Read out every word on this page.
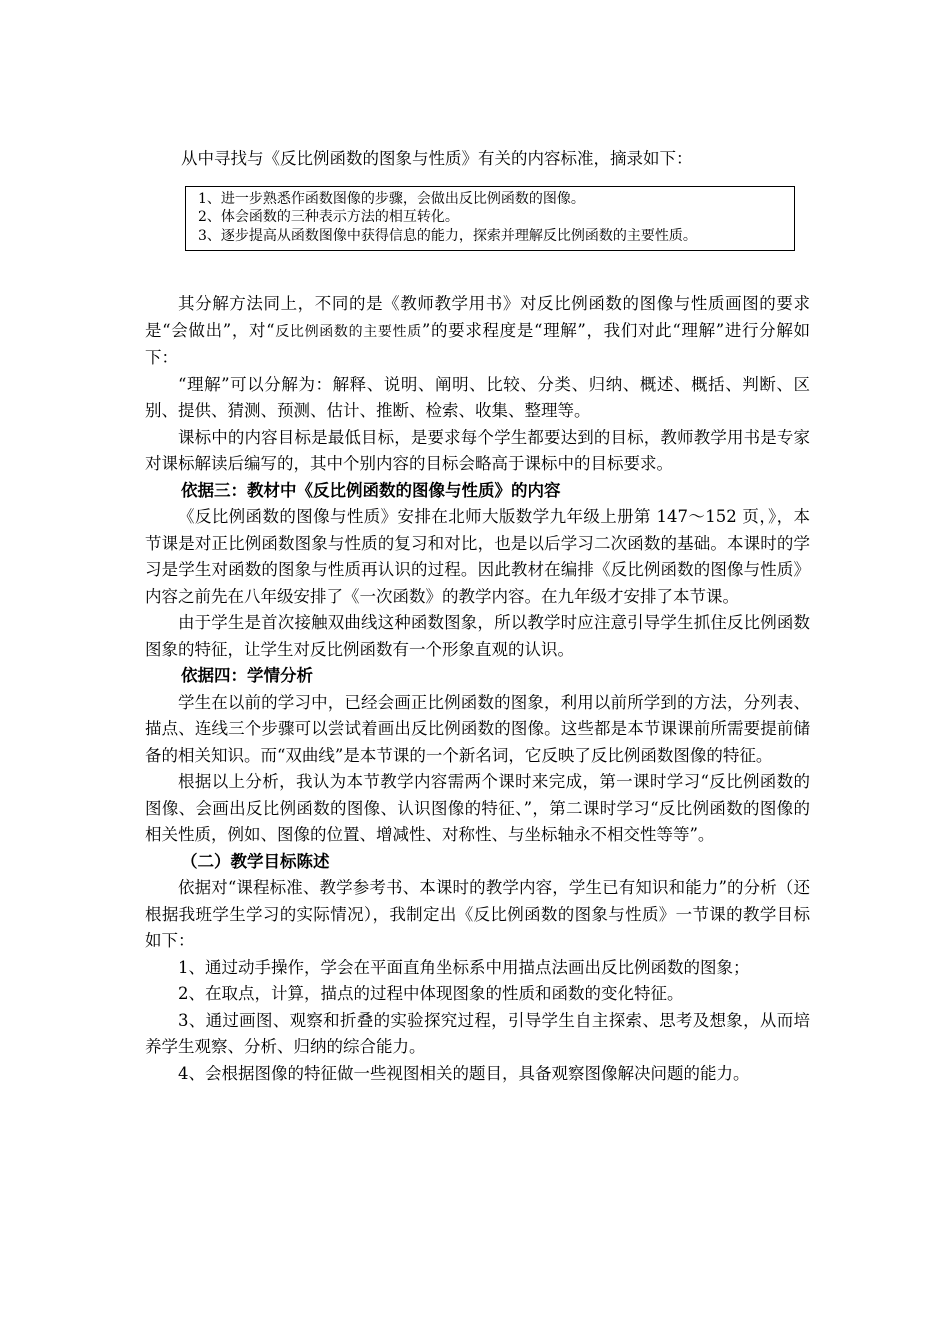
从中寻找与《反比例函数的图象与性质》有关的内容标准，摘录如下：

1、进一步熟悉作函数图像的步骤，会做出反比例函数的图像。

2、体会函数的三种表示方法的相互转化。

3、逐步提高从函数图像中获得信息的能力，探索并理解反比例函数的主要性质。

其分解方法同上，不同的是《教师教学用书》对反比例函数的图像与性质画图的要求是“会做出”，对“反比例函数的主要性质”的要求程度是“理解”，我们对此“理解”进行分解如下：

“理解”可以分解为：解释、说明、阐明、比较、分类、归纳、概述、概括、判断、区别、提供、猜测、预测、估计、推断、检索、收集、整理等。

课标中的内容目标是最低目标，是要求每个学生都要达到的目标，教师教学用书是专家对课标解读后编写的，其中个别内容的目标会略高于课标中的目标要求。

依据三：教材中《反比例函数的图像与性质》的内容

《反比例函数的图像与性质》安排在北师大版数学九年级上册第 147～152 页，》，本节课是对正比例函数图象与性质的复习和对比，也是以后学习二次函数的基础。本课时的学习是学生对函数的图象与性质再认识的过程。因此教材在编排《反比例函数的图像与性质》内容之前先在八年级安排了《一次函数》的教学内容。在九年级才安排了本节课。

由于学生是首次接触双曲线这种函数图象，所以教学时应注意引导学生抓住反比例函数图象的特征，让学生对反比例函数有一个形象直观的认识。

依据四：学情分析

学生在以前的学习中，已经会画正比例函数的图象，利用以前所学到的方法，分列表、描点、连线三个步骤可以尝试着画出反比例函数的图像。这些都是本节课课前所需要提前储备的相关知识。而“双曲线”是本节课的一个新名词，它反映了反比例函数图像的特征。

根据以上分析，我认为本节教学内容需两个课时来完成，第一课时学习“反比例函数的图像、会画出反比例函数的图像、认识图像的特征、”，第二课时学习“反比例函数的图像的相关性质，例如、图像的位置、增减性、对称性、与坐标轴永不相交性等等”。

（二）教学目标陈述

依据对“课程标准、教学参考书、本课时的教学内容，学生已有知识和能力”的分析（还根据我班学生学习的实际情况），我制定出《反比例函数的图象与性质》一节课的教学目标如下：

1、通过动手操作，学会在平面直角坐标系中用描点法画出反比例函数的图象；

2、在取点，计算，描点的过程中体现图象的性质和函数的变化特征。

3、通过画图、观察和折叠的实验探究过程，引导学生自主探索、思考及想象，从而培养学生观察、分析、归纳的综合能力。

4、会根据图像的特征做一些视图相关的题目，具备观察图像解决问题的能力。
